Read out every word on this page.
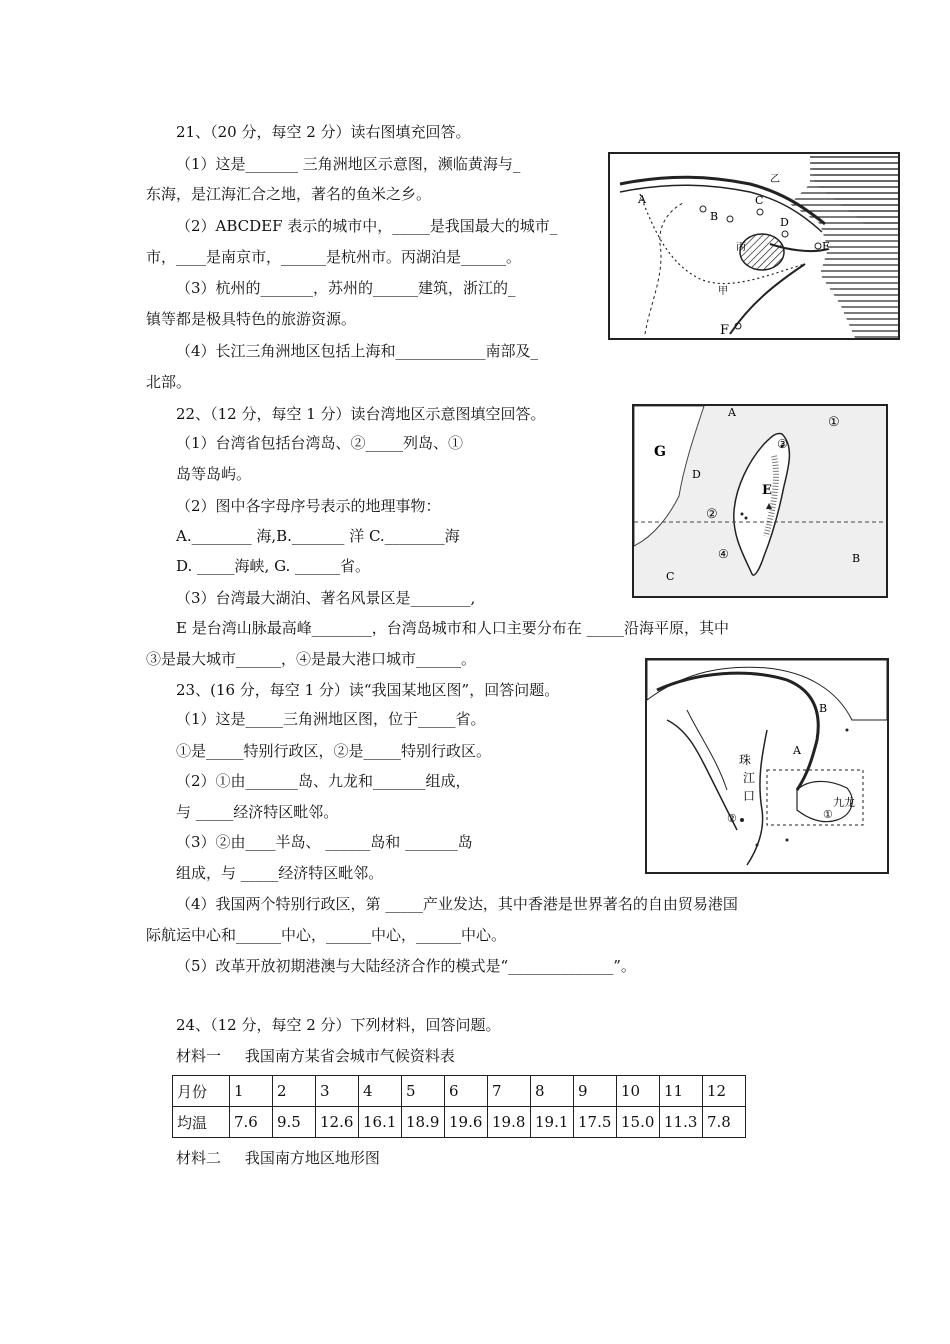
21、（20 分，每空 2 分）读右图填充回答。
（1）这是_______ 三角洲地区示意图，濒临黄海与_
东海，是江海汇合之地，著名的鱼米之乡。
（2）ABCDEF 表示的城市中，_____是我国最大的城市_
市，____是南京市，______是杭州市。丙湖泊是______。
（3）杭州的_______，苏州的______建筑，浙江的_
镇等都是极具特色的旅游资源。
（4）长江三角洲地区包括上海和____________南部及_
北部。
A
B
C
D
E
F
乙
丙
甲
22、（12 分，每空 1 分）读台湾地区示意图填空回答。
（1）台湾省包括台湾岛、②_____列岛、①
岛等岛屿。
（2）图中各字母序号表示的地理事物：
A.________ 海,B._______ 洋 C.________海
D. _____海峡, G. ______省。
（3）台湾最大湖泊、著名风景区是________,
E 是台湾山脉最高峰________，台湾岛城市和人口主要分布在 _____沿海平原，其中
③是最大城市______，④是最大港口城市______。
A
B
C
D
E
G
①
②
③
④
23、(16 分，每空 1 分）读“我国某地区图”，回答问题。
（1）这是_____三角洲地区图，位于_____省。
①是_____特别行政区，②是_____特别行政区。
（2）①由_______岛、九龙和_______组成，
与 _____经济特区毗邻。
（3）②由____半岛、 ______岛和 _______岛
组成，与 _____经济特区毗邻。
（4）我国两个特别行政区，第 _____产业发达，其中香港是世界著名的自由贸易港国
际航运中心和______中心，______中心，______中心。
（5）改革开放初期港澳与大陆经济合作的模式是“______________”。
A
B
珠
江
口	九龙
①
②
24、（12 分，每空 2 分）下列材料，回答问题。
材料一     我国南方某省会城市气候资料表
月份	1	2	3	4	5	6	7	8	9	10	11	12
均温	7.6	9.5	12.6	16.1	18.9	19.6	19.8	19.1	17.5	15.0	11.3	7.8
材料二     我国南方地区地形图
